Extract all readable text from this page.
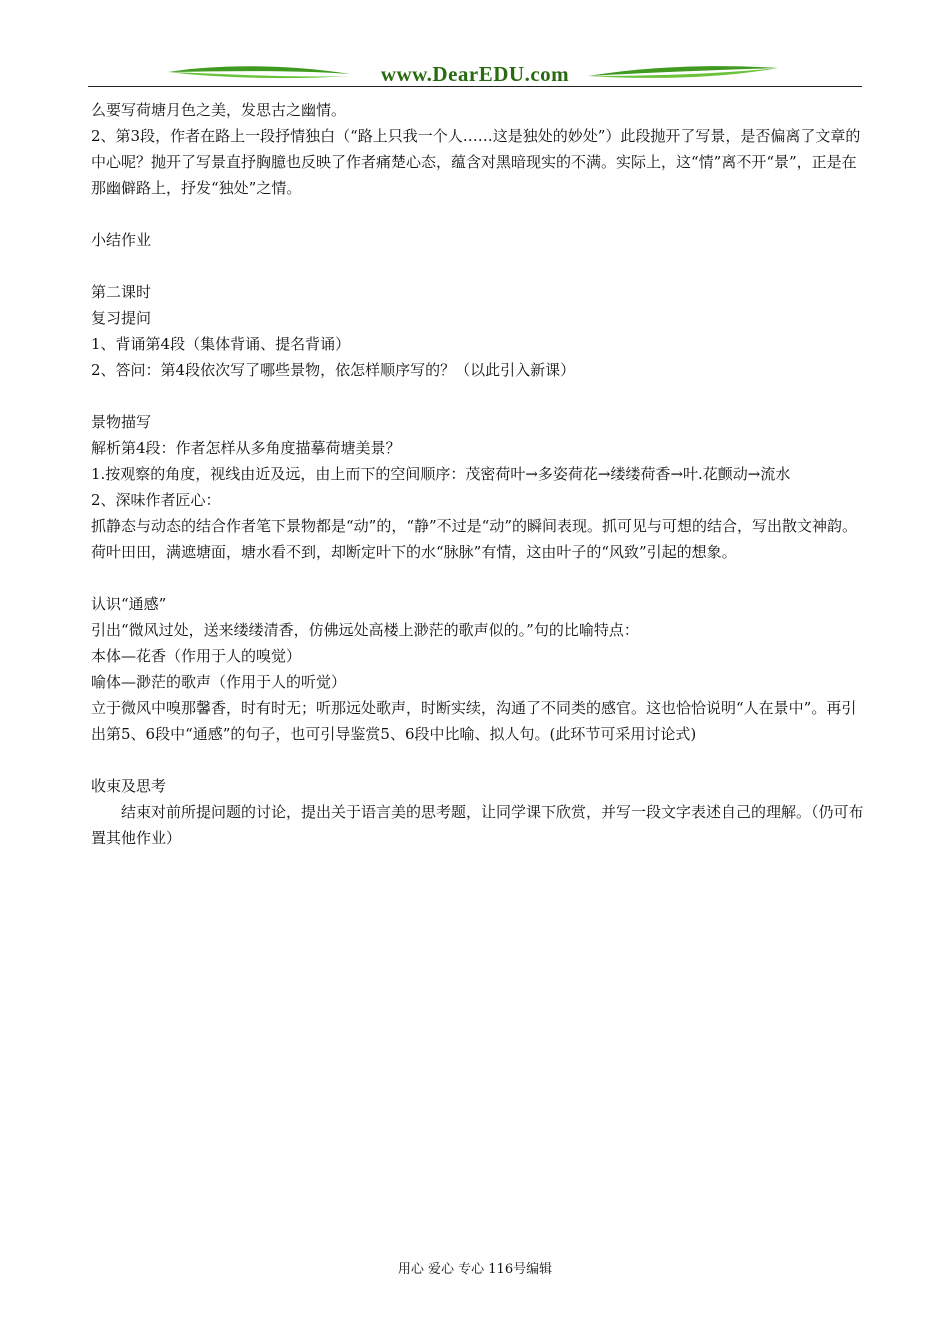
www.DearEDU.com

么要写荷塘月色之美，发思古之幽情。

2、第3段，作者在路上一段抒情独白（“路上只我一个人……这是独处的妙处”）此段抛开了写景，是否偏离了文章的中心呢？抛开了写景直抒胸臆也反映了作者痛楚心态，蕴含对黑暗现实的不满。实际上，这“情”离不开“景”，正是在那幽僻路上，抒发“独处”之情。

小结作业

第二课时

复习提问

1、背诵第4段（集体背诵、提名背诵）

2、答问：第4段依次写了哪些景物，依怎样顺序写的？（以此引入新课）

景物描写

解析第4段：作者怎样从多角度描摹荷塘美景？

1.按观察的角度，视线由近及远，由上而下的空间顺序：茂密荷叶→多姿荷花→缕缕荷香→叶.花颤动→流水

2、深味作者匠心：

抓静态与动态的结合作者笔下景物都是“动”的，“静”不过是“动”的瞬间表现。抓可见与可想的结合，写出散文神韵。荷叶田田，满遮塘面，塘水看不到，却断定叶下的水“脉脉”有情，这由叶子的“风致”引起的想象。

认识“通感”

引出“微风过处，送来缕缕清香，仿佛远处高楼上渺茫的歌声似的。”句的比喻特点：

本体—花香（作用于人的嗅觉）

喻体—渺茫的歌声（作用于人的听觉）

立于微风中嗅那馨香，时有时无；听那远处歌声，时断实续，沟通了不同类的感官。这也恰恰说明“人在景中”。再引出第5、6段中“通感”的句子，也可引导鉴赏5、6段中比喻、拟人句。(此环节可采用讨论式)

收束及思考

结束对前所提问题的讨论，提出关于语言美的思考题，让同学课下欣赏，并写一段文字表述自己的理解。（仍可布置其他作业）

用心 爱心 专心 116号编辑
